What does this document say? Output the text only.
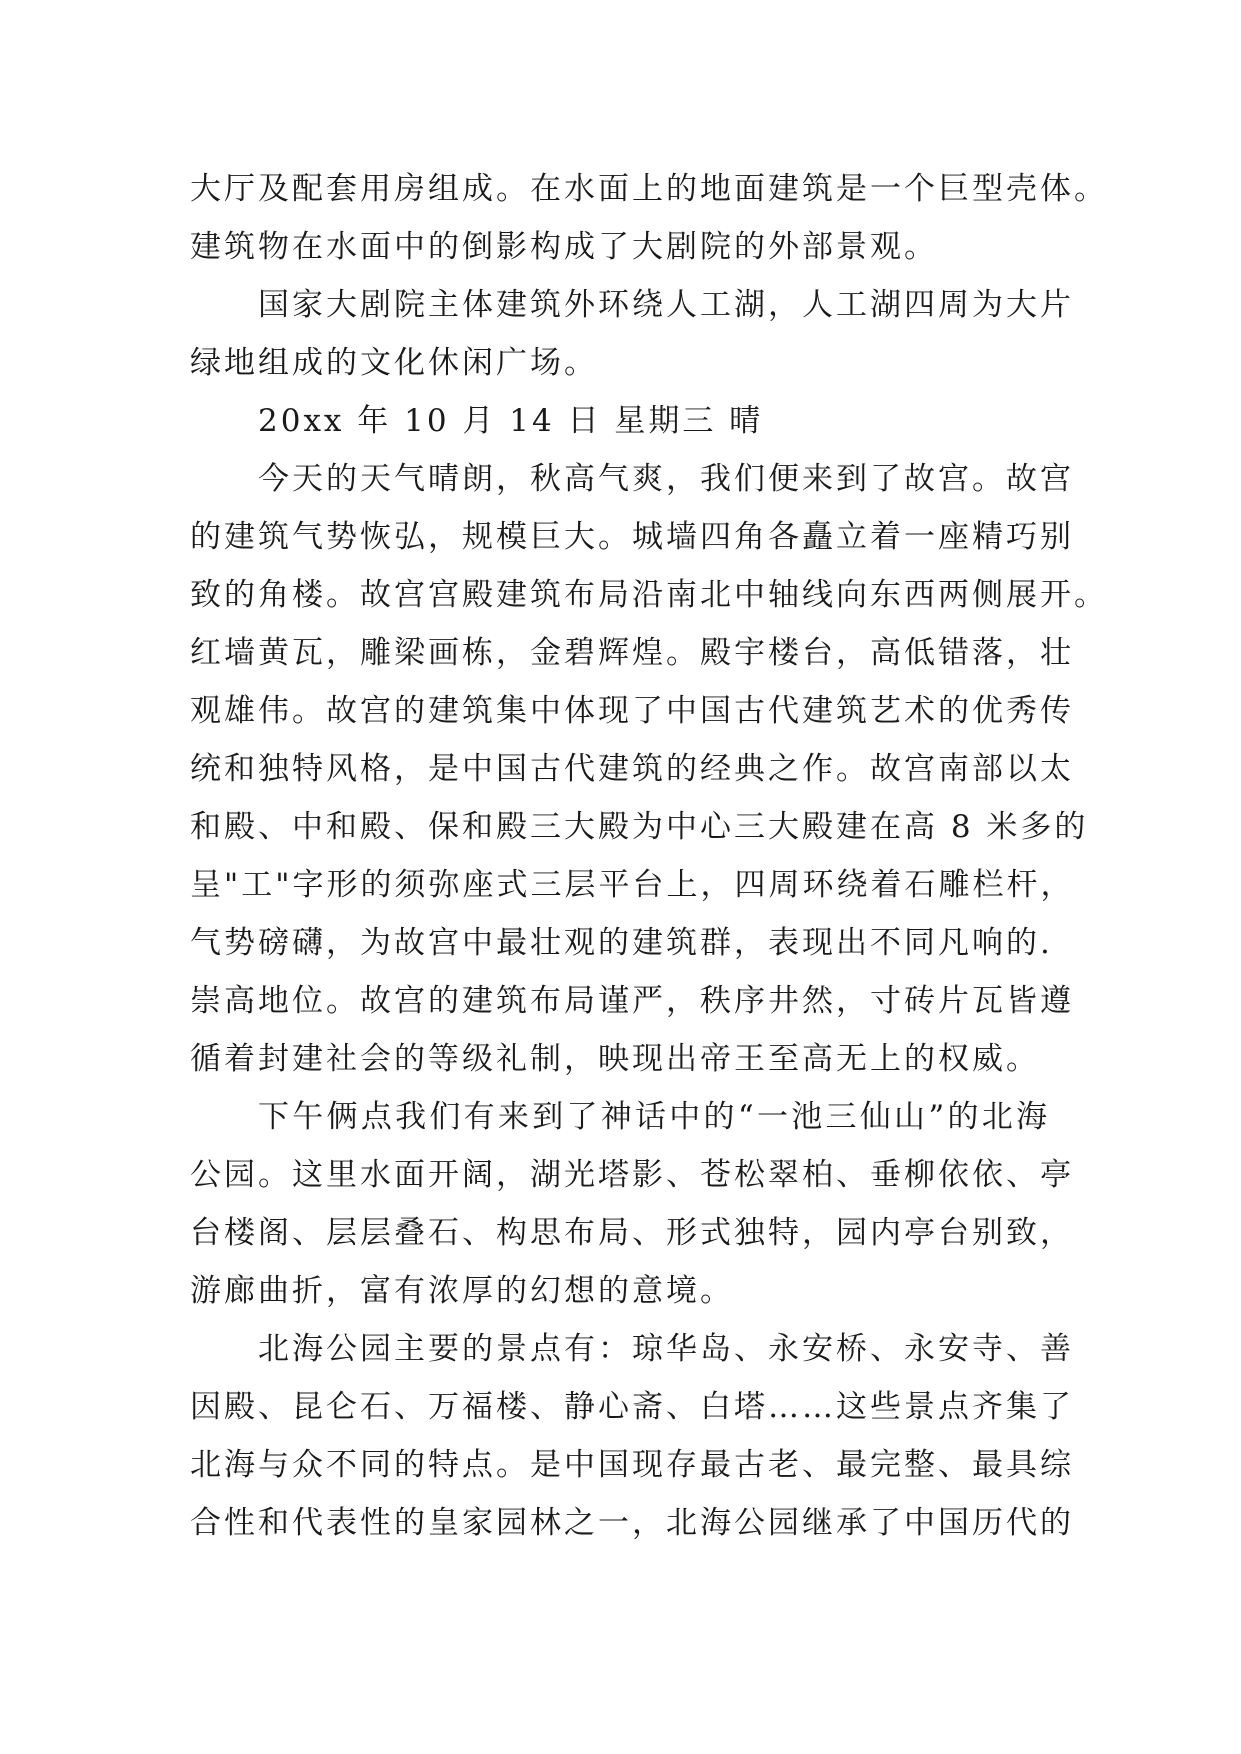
大厅及配套用房组成。在水面上的地面建筑是一个巨型壳体。
建筑物在水面中的倒影构成了大剧院的外部景观。
国家大剧院主体建筑外环绕人工湖，人工湖四周为大片
绿地组成的文化休闲广场。
20xx 年 10 月 14 日 星期三 晴
今天的天气晴朗，秋高气爽，我们便来到了故宫。故宫
的建筑气势恢弘，规模巨大。城墙四角各矗立着一座精巧别
致的角楼。故宫宫殿建筑布局沿南北中轴线向东西两侧展开。
红墙黄瓦，雕梁画栋，金碧辉煌。殿宇楼台，高低错落，壮
观雄伟。故宫的建筑集中体现了中国古代建筑艺术的优秀传
统和独特风格，是中国古代建筑的经典之作。故宫南部以太
和殿、中和殿、保和殿三大殿为中心三大殿建在高 8 米多的
呈"工"字形的须弥座式三层平台上，四周环绕着石雕栏杆，
气势磅礴，为故宫中最壮观的建筑群，表现出不同凡响的.
崇高地位。故宫的建筑布局谨严，秩序井然，寸砖片瓦皆遵
循着封建社会的等级礼制，映现出帝王至高无上的权威。
下午俩点我们有来到了神话中的“一池三仙山”的北海
公园。这里水面开阔，湖光塔影、苍松翠柏、垂柳依依、亭
台楼阁、层层叠石、构思布局、形式独特，园内亭台别致，
游廊曲折，富有浓厚的幻想的意境。
北海公园主要的景点有：琼华岛、永安桥、永安寺、善
因殿、昆仑石、万福楼、静心斋、白塔……这些景点齐集了
北海与众不同的特点。是中国现存最古老、最完整、最具综
合性和代表性的皇家园林之一，北海公园继承了中国历代的
